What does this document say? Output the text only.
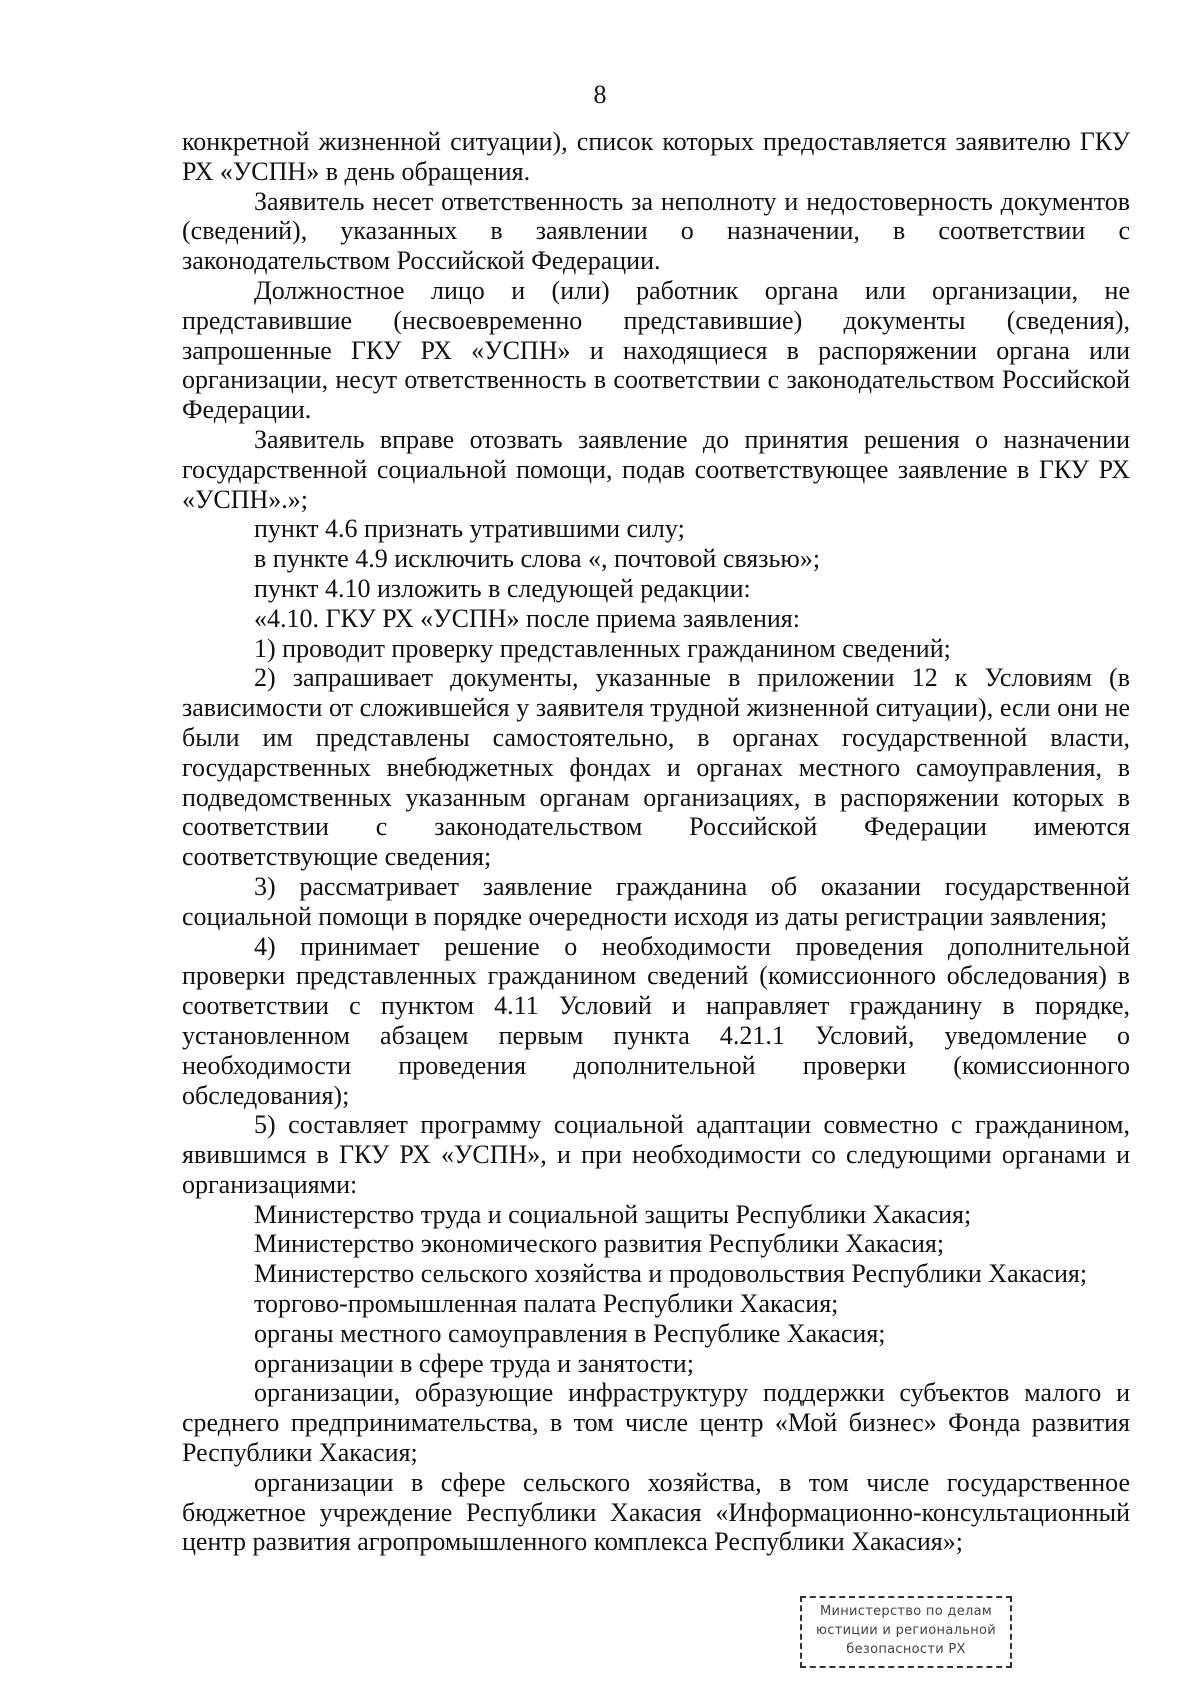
8

конкретной жизненной ситуации), список которых предоставляется заявителю ГКУ РХ «УСПН» в день обращения.

Заявитель несет ответственность за неполноту и недостоверность документов (сведений), указанных в заявлении о назначении, в соответствии с законодательством Российской Федерации.

Должностное лицо и (или) работник органа или организации, не представившие (несвоевременно представившие) документы (сведения), запрошенные ГКУ РХ «УСПН» и находящиеся в распоряжении органа или организации, несут ответственность в соответствии с законодательством Российской Федерации.

Заявитель вправе отозвать заявление до принятия решения о назначении государственной социальной помощи, подав соответствующее заявление в ГКУ РХ «УСПН».»;

пункт 4.6 признать утратившими силу;

в пункте 4.9 исключить слова «, почтовой связью»;

пункт 4.10 изложить в следующей редакции:

«4.10. ГКУ РХ «УСПН» после приема заявления:

1) проводит проверку представленных гражданином сведений;

2) запрашивает документы, указанные в приложении 12 к Условиям (в зависимости от сложившейся у заявителя трудной жизненной ситуации), если они не были им представлены самостоятельно, в органах государственной власти, государственных внебюджетных фондах и органах местного самоуправления, в подведомственных указанным органам организациях, в распоряжении которых в соответствии с законодательством Российской Федерации имеются соответствующие сведения;

3) рассматривает заявление гражданина об оказании государственной социальной помощи в порядке очередности исходя из даты регистрации заявления;

4) принимает решение о необходимости проведения дополнительной проверки представленных гражданином сведений (комиссионного обследования) в соответствии с пунктом 4.11 Условий и направляет гражданину в порядке, установленном абзацем первым пункта 4.21.1 Условий, уведомление о необходимости проведения дополнительной проверки (комиссионного обследования);

5) составляет программу социальной адаптации совместно с гражданином, явившимся в ГКУ РХ «УСПН», и при необходимости со следующими органами и организациями:

Министерство труда и социальной защиты Республики Хакасия;

Министерство экономического развития Республики Хакасия;

Министерство сельского хозяйства и продовольствия Республики Хакасия;

торгово-промышленная палата Республики Хакасия;

органы местного самоуправления в Республике Хакасия;

организации в сфере труда и занятости;

организации, образующие инфраструктуру поддержки субъектов малого и среднего предпринимательства, в том числе центр «Мой бизнес» Фонда развития Республики Хакасия;

организации в сфере сельского хозяйства, в том числе государственное бюджетное учреждение Республики Хакасия «Информационно-консультационный центр развития агропромышленного комплекса Республики Хакасия»;

Министерство по делам
юстиции и региональной
безопасности РХ
